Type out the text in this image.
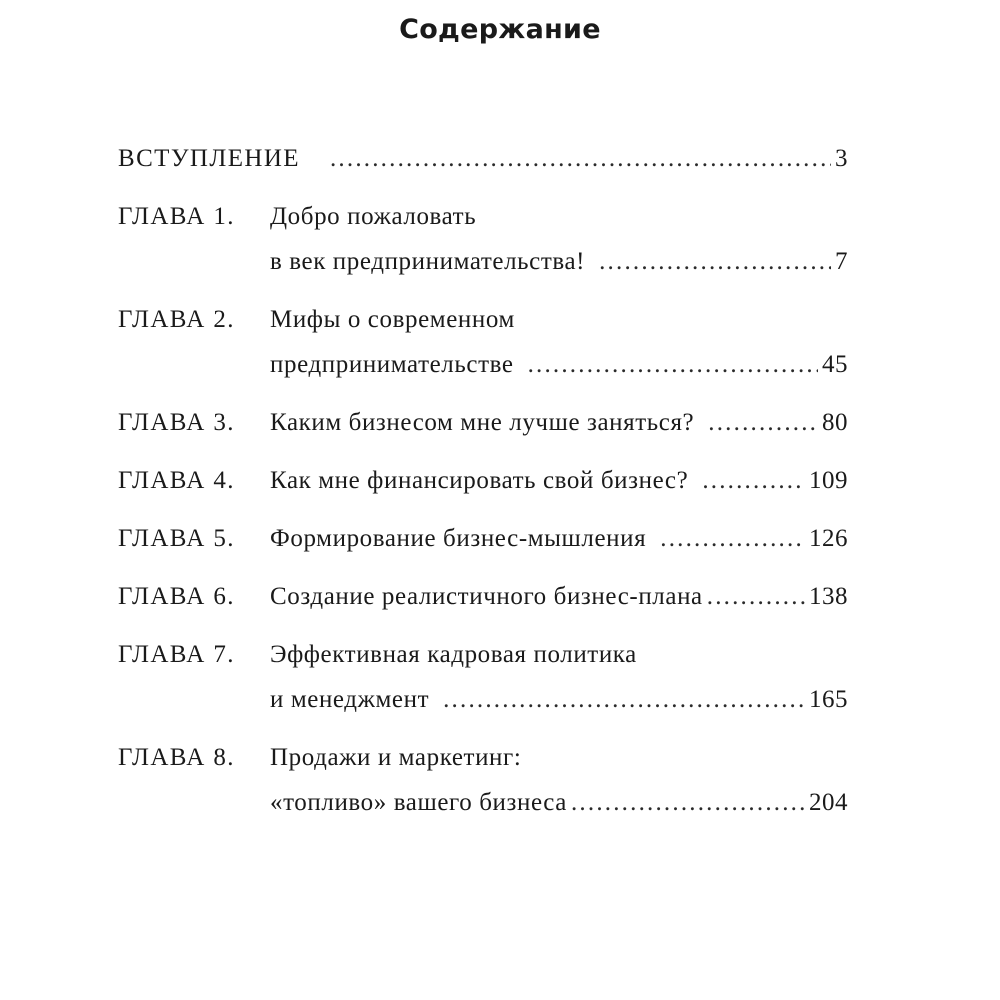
Содержание
ВСТУПЛЕНИЕ .....	3
ГЛАВА 1.	Добро пожаловать
в век предпринимательства! .....	7
ГЛАВА 2.	Мифы о современном
предпринимательстве .....	45
ГЛАВА 3.	Каким бизнесом мне лучше заняться? .....	80
ГЛАВА 4.	Как мне финансировать свой бизнес? .....	109
ГЛАВА 5.	Формирование бизнес-мышления .....	126
ГЛАВА 6.	Создание реалистичного бизнес-плана .....	138
ГЛАВА 7.	Эффективная кадровая политика
и менеджмент .....	165
ГЛАВА 8.	Продажи и маркетинг:
«топливо» вашего бизнеса .....	204
